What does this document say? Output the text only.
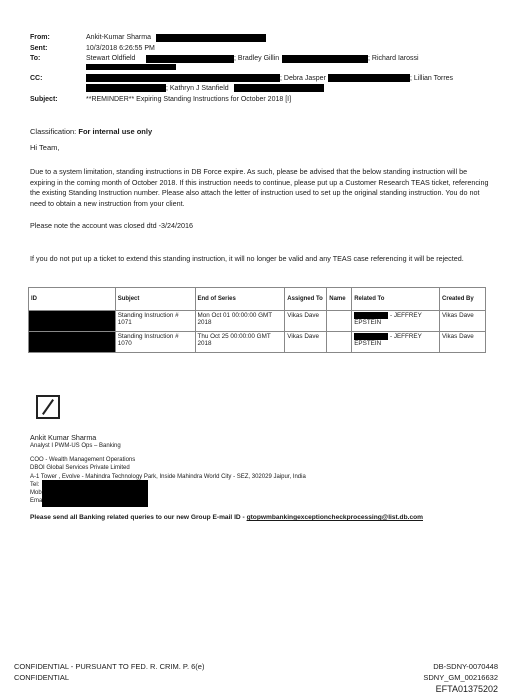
From:	Ankit-Kumar Sharma
Sent:	10/3/2018 6:26:55 PM
To:	Stewart Oldfield	; Bradley Gillin	; Richard Iarossi
CC:	; Debra Jasper	; Lillian Torres
; Kathryn J Stanfield
Subject:	**REMINDER** Expiring Standing Instructions for October 2018 [I]
Classification: For internal use only
Hi Team,
Due to a system limitation, standing instructions in DB Force expire. As such, please be advised that the below standing instruction will be expiring in the coming month of October 2018. If this instruction needs to continue, please put up a Customer Research TEAS ticket, referencing the existing Standing Instruction number. Please also attach the letter of instruction used to set up the original standing instruction. You do not need to obtain a new instruction from your client.
Please note the account was closed dtd -3/24/2016
If you do not put up a ticket to extend this standing instruction, it will no longer be valid and any TEAS case referencing it will be rejected.
ID	Subject	End of Series	Assigned To	Name	Related To	Created By

	Standing Instruction # 1071	Mon Oct 01 00:00:00 GMT 2018	Vikas Dave		- JEFFREY EPSTEIN	Vikas Dave

	Standing Instruction # 1070	Thu Oct 25 00:00:00 GMT 2018	Vikas Dave		- JEFFREY EPSTEIN	Vikas Dave
Ankit Kumar Sharma
Analyst I PWM-US Ops – Banking
COO - Wealth Management Operations
DBOI Global Services Private Limited
A-1 Tower , Evolve - Mahindra Technology Park, Inside Mahindra World City - SEZ, 302029 Jaipur, India
Tel:
Mob
Ema
Please send all Banking related queries to our new Group E-mail ID - gtopwmbankingexceptioncheckprocessing@list.db.com
CONFIDENTIAL - PURSUANT TO FED. R. CRIM. P. 6(e)
CONFIDENTIAL
DB-SDNY-0070448
SDNY_GM_00216632
EFTA01375202
